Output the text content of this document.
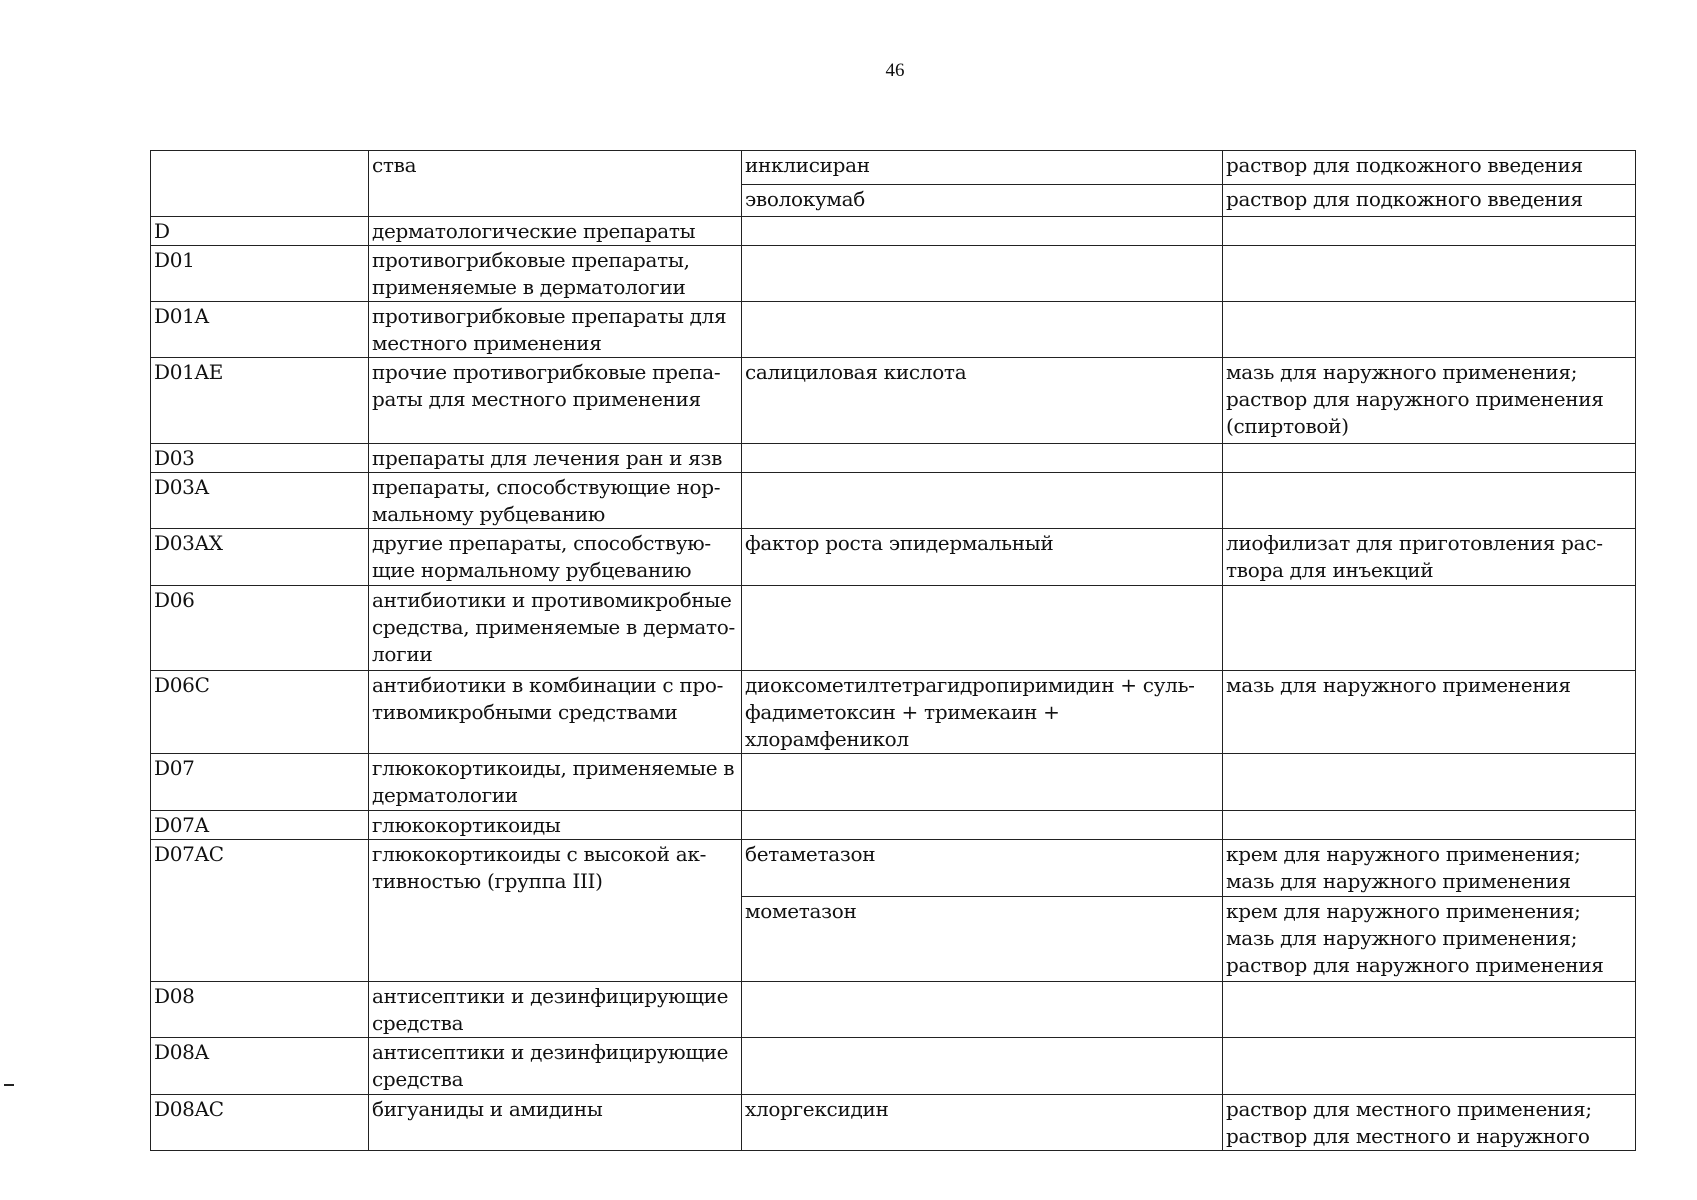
46
	ства	инклисиран	раствор для подкожного введения

		эволокумаб	раствор для подкожного введения

D	дерматологические препараты		
D01	противогрибковые препараты, применяемые в дерматологии		
D01A	противогрибковые препараты для местного применения		
D01AE	прочие противогрибковые препа-раты для местного применения	салициловая кислота	мазь для наружного применения;
раствор для наружного применения (спиртовой)

D03	препараты для лечения ран и язв		
D03A	препараты, способствующие нор-мальному рубцеванию		
D03AX	другие препараты, способствую-щие нормальному рубцеванию	фактор роста эпидермальный	лиофилизат для приготовления рас-твора для инъекций

D06	антибиотики и противомикробные средства, применяемые в дермато-логии		
D06C	антибиотики в комбинации с про-тивомикробными средствами	диоксометилтетрагидропиримидин + суль-фадиметоксин + тримекаин + хлорамфеникол	мазь для наружного применения

D07	глюкокортикоиды, применяемые в дерматологии		
D07A	глюкокортикоиды		
D07AC	глюкокортикоиды с высокой ак-тивностью (группа III)	бетаметазон	крем для наружного применения;
мазь для наружного применения

		мометазон	крем для наружного применения;
мазь для наружного применения;
раствор для наружного применения

D08	антисептики и дезинфицирующие средства		
D08A	антисептики и дезинфицирующие средства		
D08AC	бигуаниды и амидины	хлоргексидин	раствор для местного применения;
раствор для местного и наружного
